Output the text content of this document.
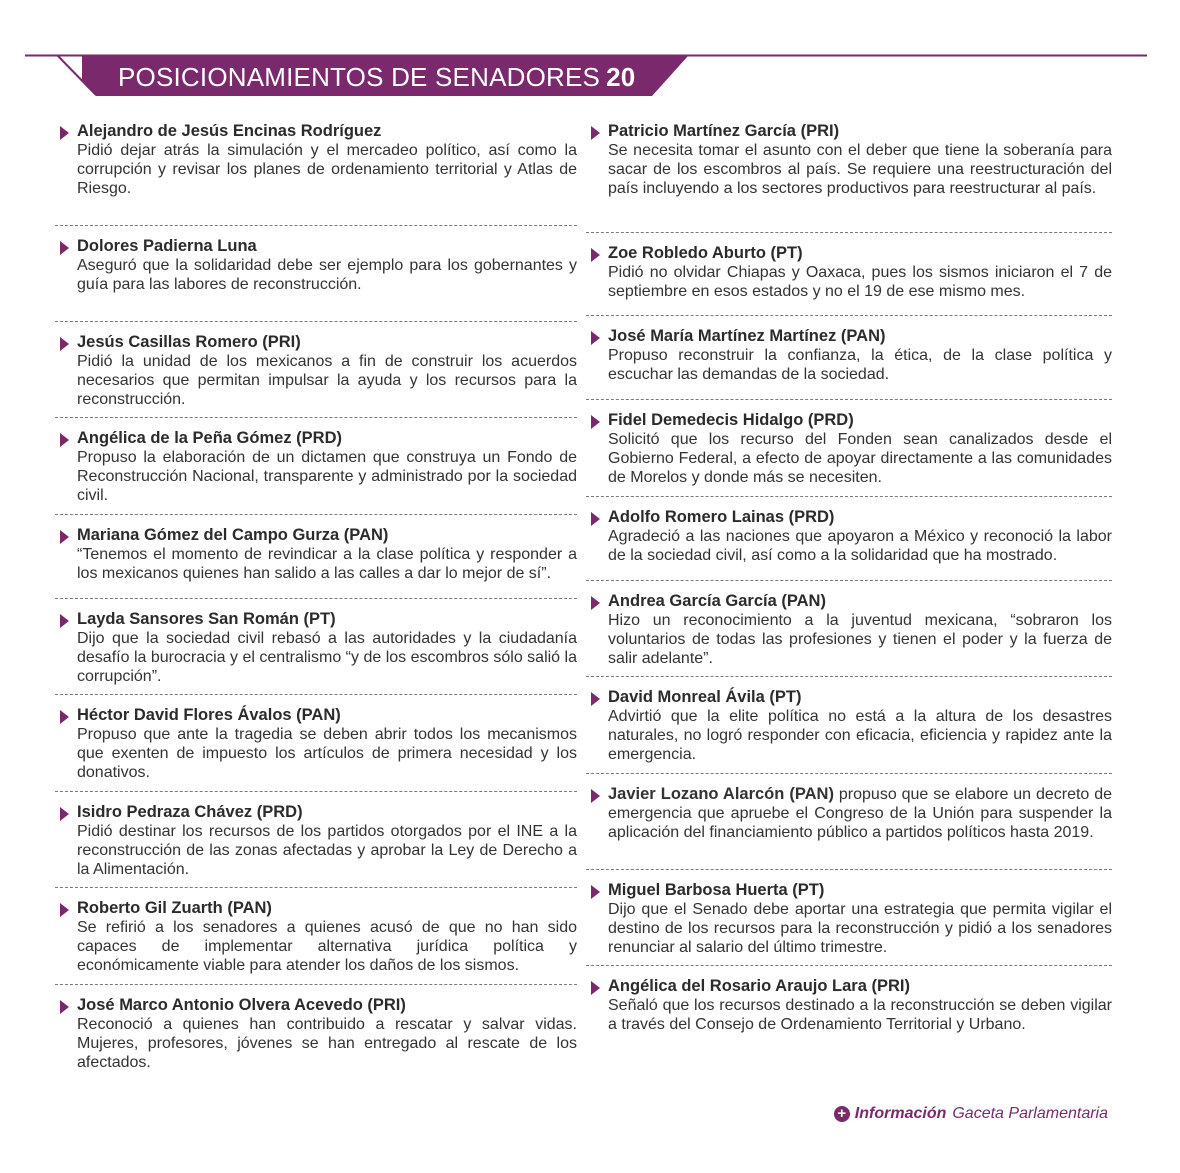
POSICIONAMIENTOS DE SENADORES 20
Alejandro de Jesús Encinas Rodríguez
Pidió dejar atrás la simulación y el mercadeo político, así como la corrupción y revisar los planes de ordenamiento territorial y Atlas de Riesgo.
Dolores Padierna Luna
Aseguró que la solidaridad debe ser ejemplo para los gobernantes y guía para las labores de reconstrucción.
Jesús Casillas Romero (PRI)
Pidió la unidad de los mexicanos a fin de construir los acuerdos necesarios que permitan impulsar la ayuda y los recursos para la reconstrucción.
Angélica de la Peña Gómez (PRD)
Propuso la elaboración de un dictamen que construya un Fondo de Reconstrucción Nacional, transparente y administrado por la sociedad civil.
Mariana Gómez del Campo Gurza (PAN)
“Tenemos el momento de revindicar a la clase política y responder a los mexicanos quienes han salido a las calles a dar lo mejor de sí”.
Layda Sansores San Román (PT)
Dijo que la sociedad civil rebasó a las autoridades y la ciudadanía desafío la burocracia y el centralismo “y de los escombros sólo salió la corrupción”.
Héctor David Flores Ávalos (PAN)
Propuso que ante la tragedia se deben abrir todos los mecanismos que exenten de impuesto los artículos de primera necesidad y los donativos.
Isidro Pedraza Chávez (PRD)
Pidió destinar los recursos de los partidos otorgados por el INE a la reconstrucción de las zonas afectadas y aprobar la Ley de Derecho a la Alimentación.
Roberto Gil Zuarth (PAN)
Se refirió a los senadores a quienes acusó de que no han sido capaces de implementar alternativa jurídica política y económicamente viable para atender los daños de los sismos.
José Marco Antonio Olvera Acevedo (PRI)
Reconoció a quienes han contribuido a rescatar y salvar vidas. Mujeres, profesores, jóvenes se han entregado al rescate de los afectados.
Patricio Martínez García (PRI)
Se necesita tomar el asunto con el deber que tiene la soberanía para sacar de los escombros al país. Se requiere una reestructuración del país incluyendo a los sectores productivos para reestructurar al país.
Zoe Robledo Aburto (PT)
Pidió no olvidar Chiapas y Oaxaca, pues los sismos iniciaron el 7 de septiembre en esos estados y no el 19 de ese mismo mes.
José María Martínez Martínez (PAN)
Propuso reconstruir la confianza, la ética, de la clase política y escuchar las demandas de la sociedad.
Fidel Demedecis Hidalgo (PRD)
Solicitó que los recurso del Fonden sean canalizados desde el Gobierno Federal, a efecto de apoyar directamente a las comunidades de Morelos y donde más se necesiten.
Adolfo Romero Lainas (PRD)
Agradeció a las naciones que apoyaron a México y reconoció la labor de la sociedad civil, así como a la solidaridad que ha mostrado.
Andrea García García (PAN)
Hizo un reconocimiento a la juventud mexicana, “sobraron los voluntarios de todas las profesiones y tienen el poder y la fuerza de salir adelante”.
David Monreal Ávila (PT)
Advirtió que la elite política no está a la altura de los desastres naturales, no logró responder con eficacia, eficiencia y rapidez ante la emergencia.
Javier Lozano Alarcón (PAN) propuso que se elabore un decreto de emergencia que apruebe el Congreso de la Unión para suspender la aplicación del financiamiento público a partidos políticos hasta 2019.
Miguel Barbosa Huerta (PT)
Dijo que el Senado debe aportar una estrategia que permita vigilar el destino de los recursos para la reconstrucción y pidió a los senadores renunciar al salario del último trimestre.
Angélica del Rosario Araujo Lara (PRI)
Señaló que los recursos destinado a la reconstrucción se deben vigilar a través del Consejo de Ordenamiento Territorial y Urbano.
+ Información Gaceta Parlamentaria
